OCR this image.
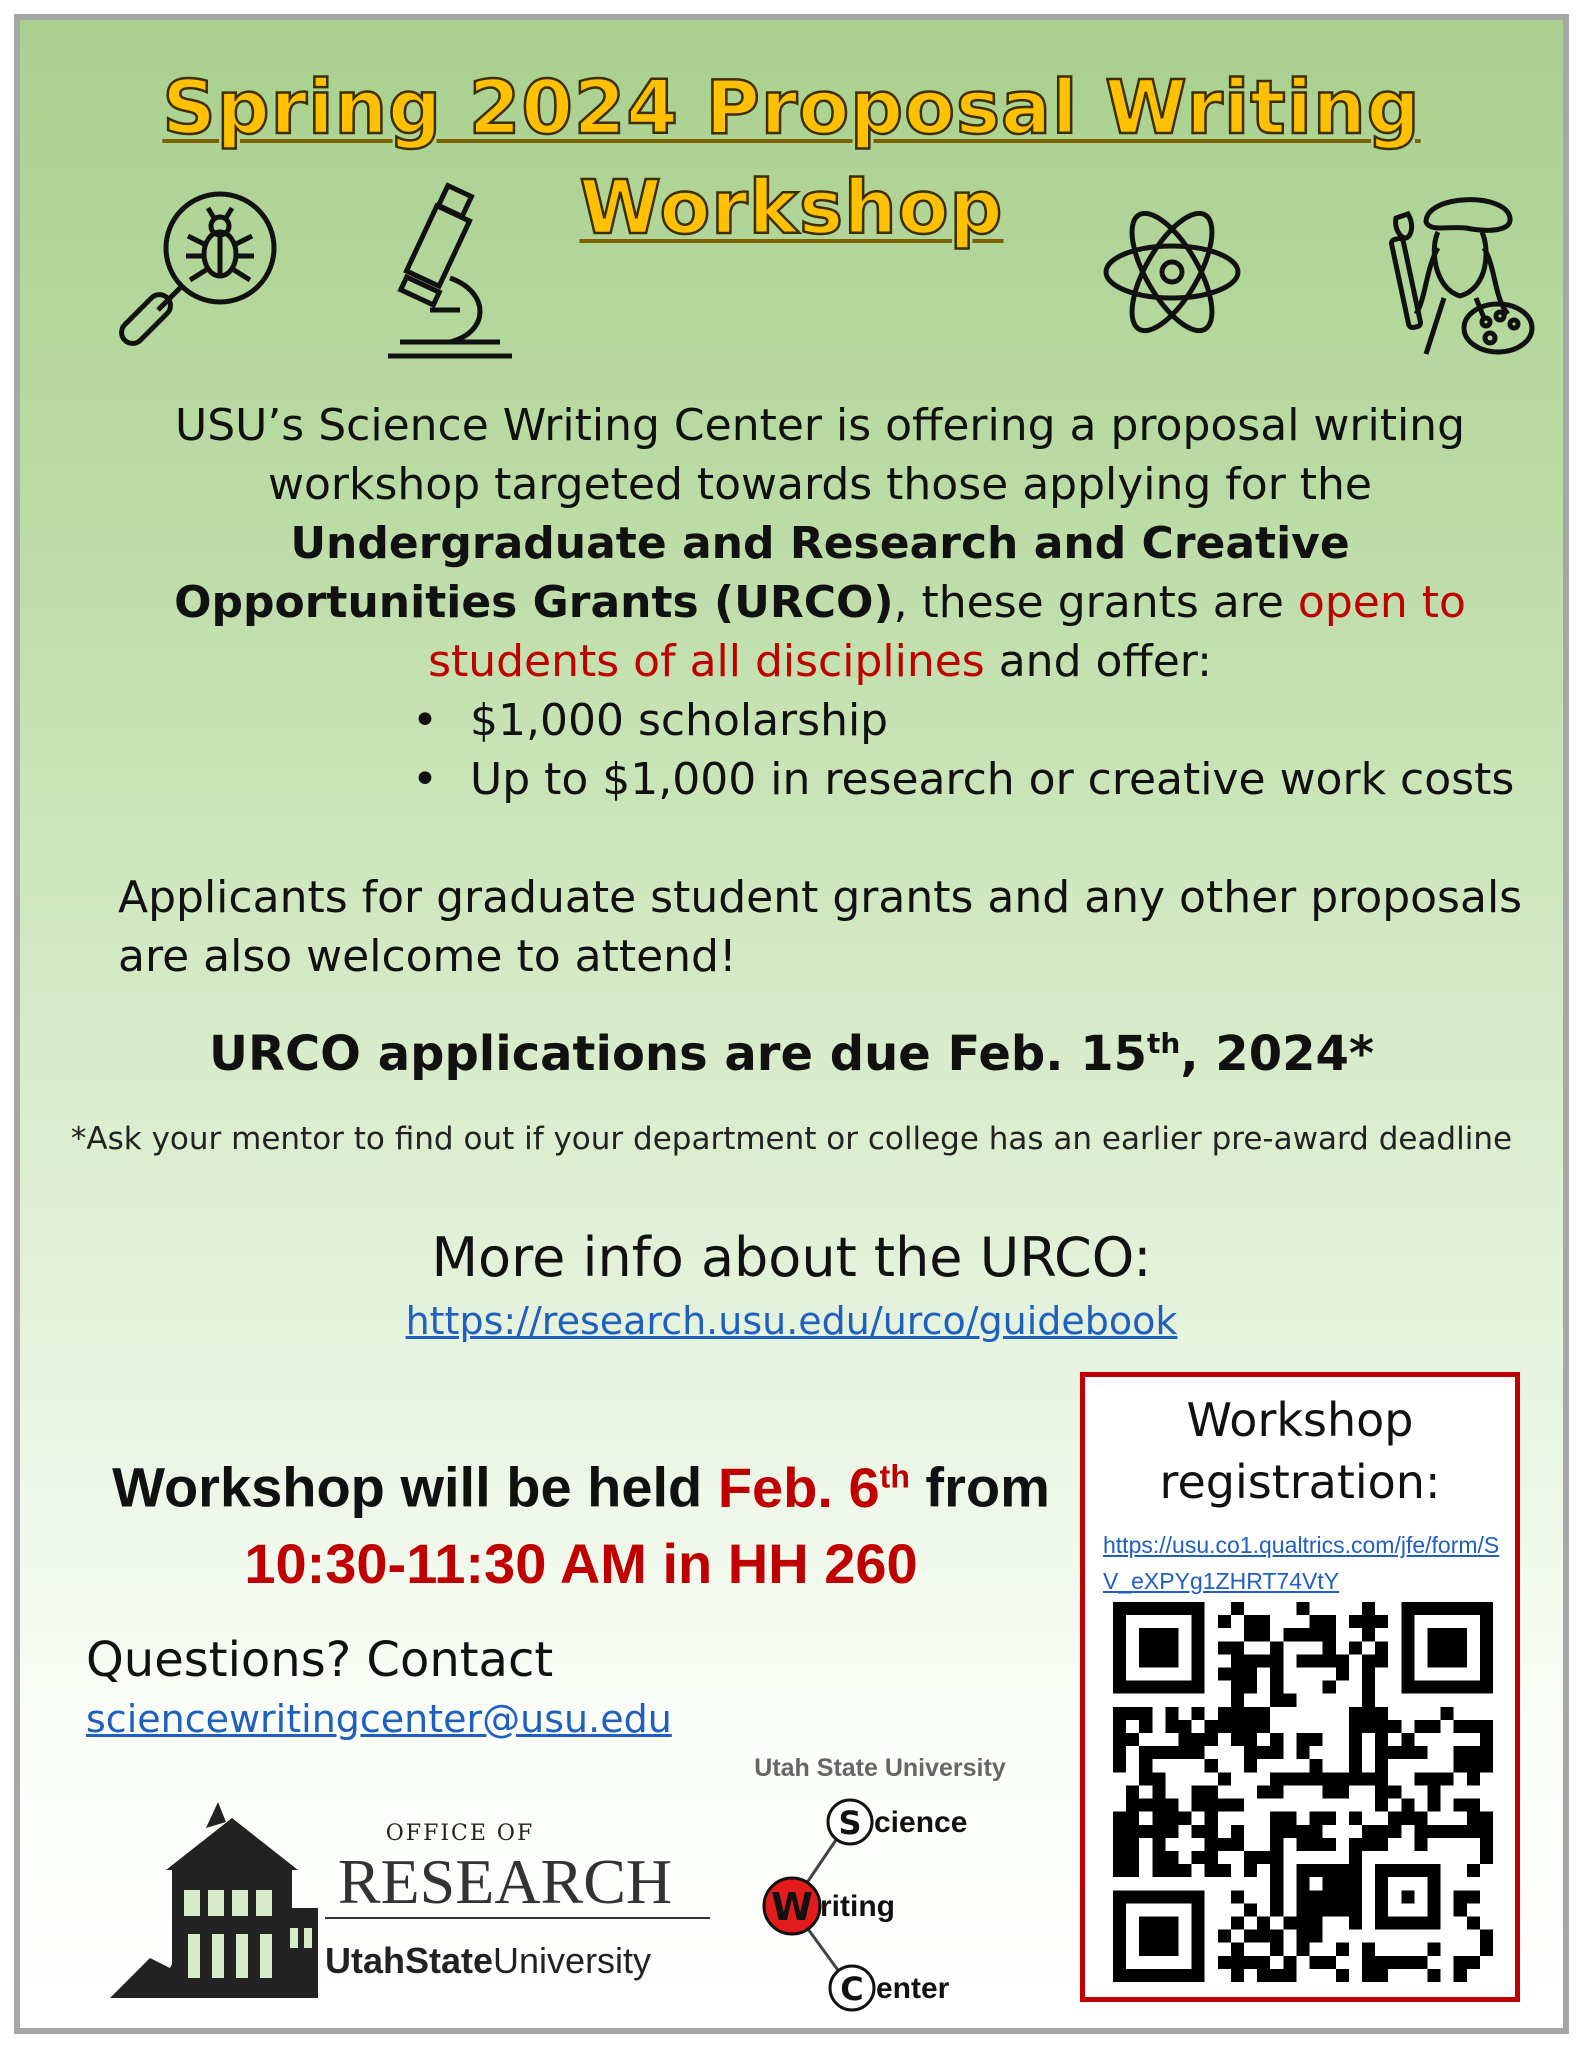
Spring 2024 Proposal Writing
Workshop
USU’s Science Writing Center is offering a proposal writing workshop targeted towards those applying for the Undergraduate and Research and Creative Opportunities Grants (URCO), these grants are open to students of all disciplines and offer:
• $1,000 scholarship
• Up to $1,000 in research or creative work costs
Applicants for graduate student grants and any other proposals are also welcome to attend!
URCO applications are due Feb. 15th, 2024*
*Ask your mentor to find out if your department or college has an earlier pre-award deadline
More info about the URCO:
https://research.usu.edu/urco/guidebook
Workshop will be held Feb. 6th from
10:30-11:30 AM in HH 260
Questions? Contact
sciencewritingcenter@usu.edu
Workshop registration:
https://usu.co1.qualtrics.com/jfe/form/SV_eXPYg1ZHRT74VtY
OFFICE OF
RESEARCH
UtahStateUniversity
Utah State University
S cience
W riting
C enter
